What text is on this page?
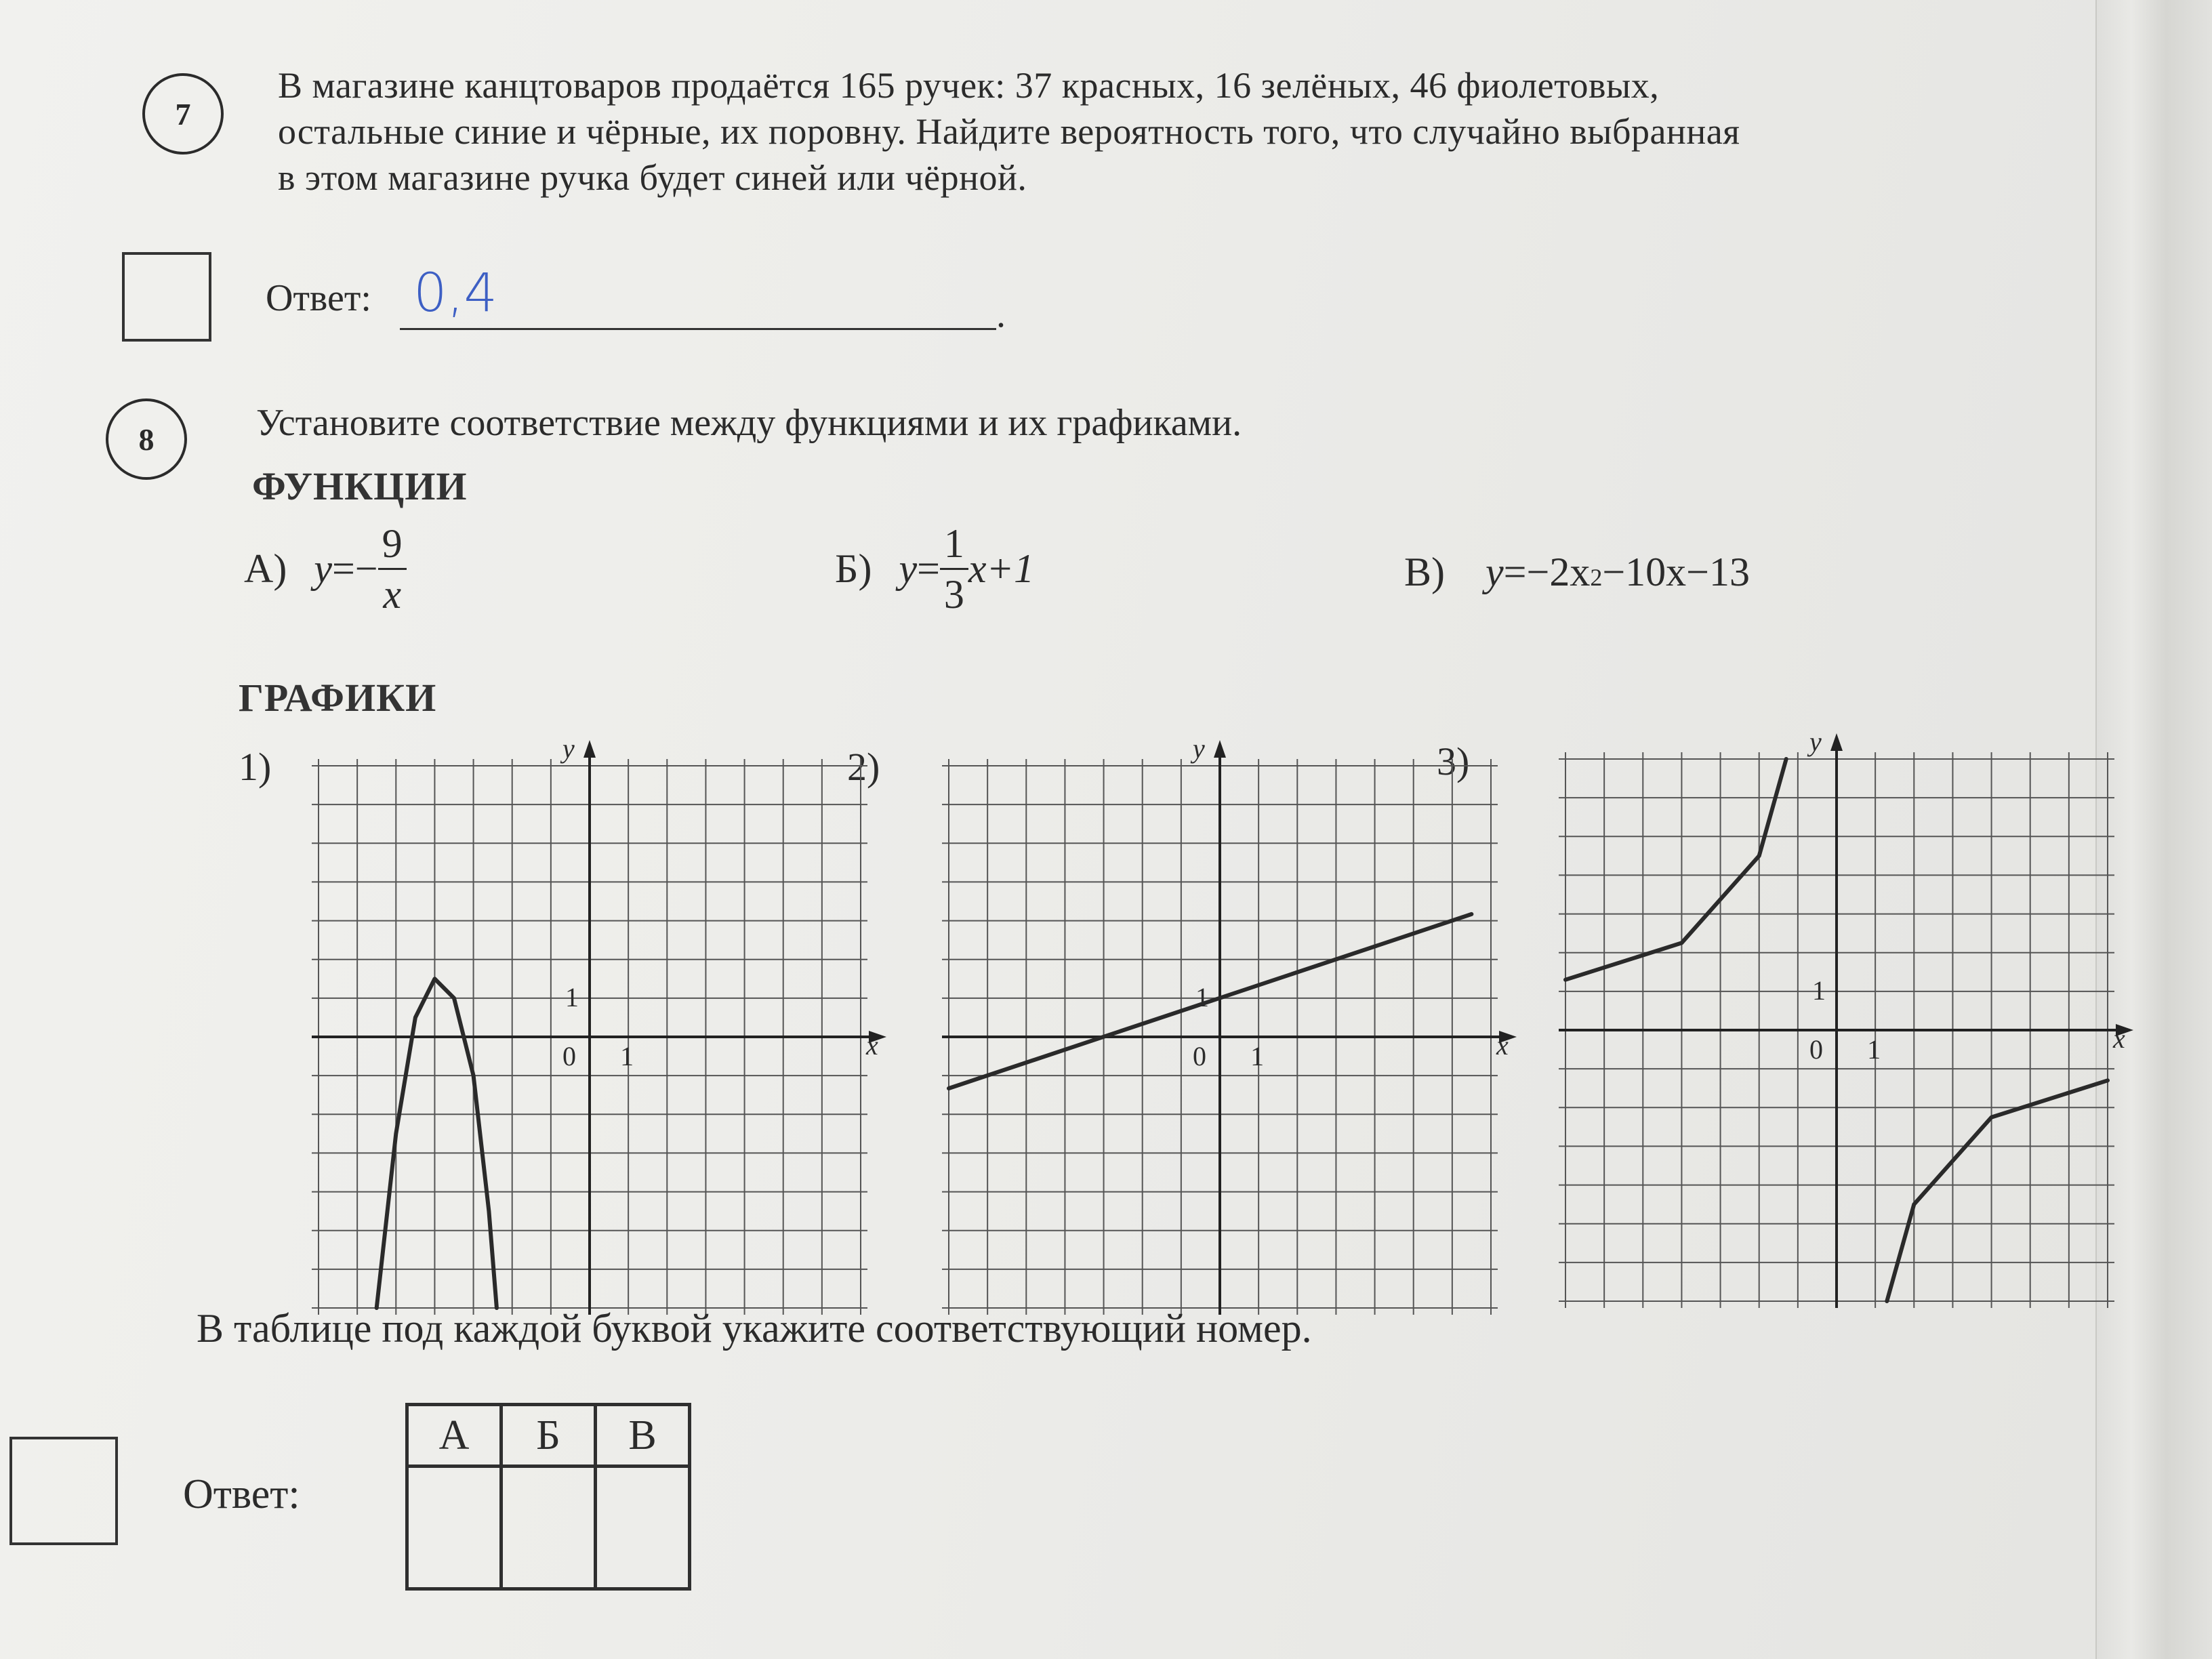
7
В магазине канцтоваров продаётся 165 ручек: 37 красных, 16 зелёных, 46 фиолетовых,
остальные синие и чёрные, их поровну. Найдите вероятность того, что случайно выбранная
в этом магазине ручка будет синей или чёрной.
Ответ: 0,4	.
8	Установите соответствие между функциями и их графиками.
ФУНКЦИИ
А) $y =- \frac{9}{x}$	Б) $y = \frac{1}{3} x+1$	В) y =−2x 2 −10x−13
ГРАФИКИ
1)	2)	3)
0 1
1
x
y
0 1
1
x
y
0 1
1
x
y
В таблице под каждой буквой укажите соответствующий номер.
Ответ:
А	Б	В
